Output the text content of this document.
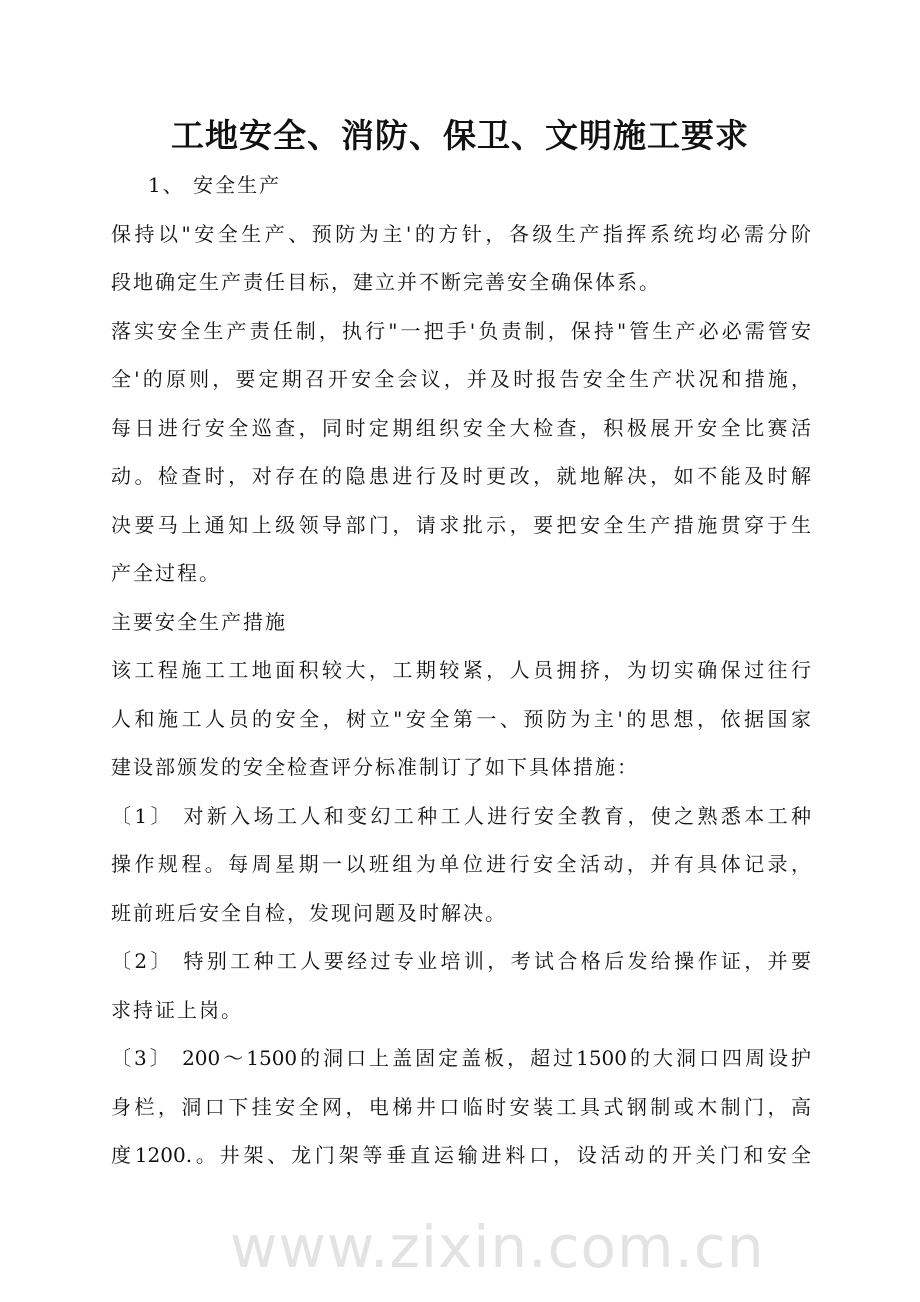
工地安全、消防、保卫、文明施工要求
1、 安全生产
保持以"安全生产、预防为主'的方针，各级生产指挥系统均必需分阶
段地确定生产责任目标，建立并不断完善安全确保体系。
落实安全生产责任制，执行"一把手'负责制，保持"管生产必必需管安
全'的原则，要定期召开安全会议，并及时报告安全生产状况和措施，
每日进行安全巡查，同时定期组织安全大检查，积极展开安全比赛活
动。检查时，对存在的隐患进行及时更改，就地解决，如不能及时解
决要马上通知上级领导部门，请求批示，要把安全生产措施贯穿于生
产全过程。
主要安全生产措施
该工程施工工地面积较大，工期较紧，人员拥挤，为切实确保过往行
人和施工人员的安全，树立"安全第一、预防为主'的思想，依据国家
建设部颁发的安全检查评分标准制订了如下具体措施：
〔1〕 对新入场工人和变幻工种工人进行安全教育，使之熟悉本工种
操作规程。每周星期一以班组为单位进行安全活动，并有具体记录，
班前班后安全自检，发现问题及时解决。
〔2〕 特别工种工人要经过专业培训，考试合格后发给操作证，并要
求持证上岗。
〔3〕 200～1500的洞口上盖固定盖板，超过1500的大洞口四周设护
身栏，洞口下挂安全网，电梯井口临时安装工具式钢制或木制门，高
度1200.。井架、龙门架等垂直运输进料口，设活动的开关门和安全
www.zixin.com.cn
